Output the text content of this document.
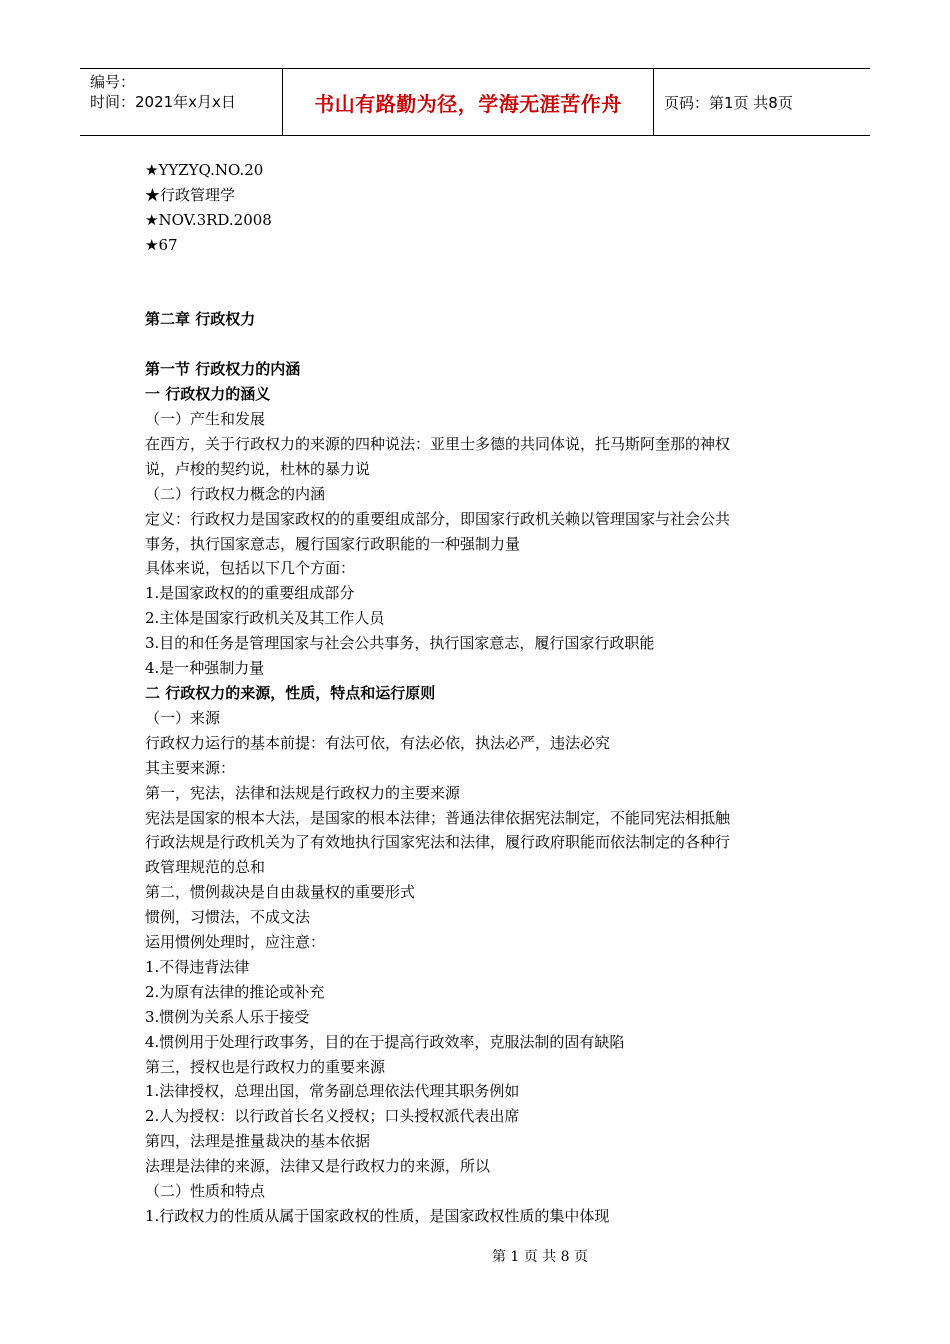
编号：
时间：2021年x月x日	书山有路勤为径，学海无涯苦作舟	页码：第1页 共8页
★YYZYQ.NO.20
★行政管理学
★NOV.3RD.2008
★67
第二章 行政权力
第一节 行政权力的内涵
一 行政权力的涵义
（一）产生和发展
在西方，关于行政权力的来源的四种说法：亚里士多德的共同体说，托马斯阿奎那的神权
说，卢梭的契约说，杜林的暴力说
（二）行政权力概念的内涵
定义：行政权力是国家政权的的重要组成部分，即国家行政机关赖以管理国家与社会公共
事务，执行国家意志，履行国家行政职能的一种强制力量
具体来说，包括以下几个方面：
1.是国家政权的的重要组成部分
2.主体是国家行政机关及其工作人员
3.目的和任务是管理国家与社会公共事务，执行国家意志，履行国家行政职能
4.是一种强制力量
二 行政权力的来源，性质，特点和运行原则
（一）来源
行政权力运行的基本前提：有法可依，有法必依，执法必严，违法必究
其主要来源：
第一，宪法，法律和法规是行政权力的主要来源
宪法是国家的根本大法，是国家的根本法律；普通法律依据宪法制定，不能同宪法相抵触
行政法规是行政机关为了有效地执行国家宪法和法律，履行政府职能而依法制定的各种行
政管理规范的总和
第二，惯例裁决是自由裁量权的重要形式
惯例，习惯法，不成文法
运用惯例处理时，应注意：
1.不得违背法律
2.为原有法律的推论或补充
3.惯例为关系人乐于接受
4.惯例用于处理行政事务，目的在于提高行政效率，克服法制的固有缺陷
第三，授权也是行政权力的重要来源
1.法律授权，总理出国，常务副总理依法代理其职务例如
2.人为授权：以行政首长名义授权；口头授权派代表出席
第四，法理是推量裁决的基本依据
法理是法律的来源，法律又是行政权力的来源，所以
（二）性质和特点
1.行政权力的性质从属于国家政权的性质，是国家政权性质的集中体现
第 1 页 共 8 页
